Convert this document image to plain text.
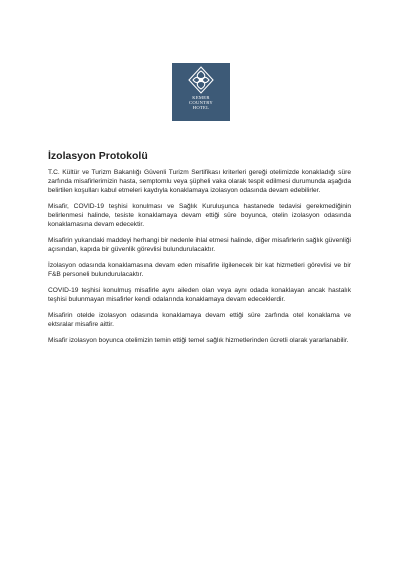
KEMER
COUNTRY
HOTEL
İzolasyon Protokolü

T.C. Kültür ve Turizm Bakanlığı Güvenli Turizm Sertifikası kriterleri gereği otelimizde konakladığı süre zarfında misafirlerimizin hasta, semptomlu veya şüpheli vaka olarak tespit edilmesi durumunda aşağıda belirtilen koşulları kabul etmeleri kaydıyla konaklamaya izolasyon odasında devam edebilirler.

Misafir, COVID-19 teşhisi konulması ve Sağlık Kuruluşunca hastanede tedavisi gerekmediğinin belirlenmesi halinde, tesiste konaklamaya devam ettiği süre boyunca, otelin izolasyon odasında konaklamasına devam edecektir.

Misafirin yukarıdaki maddeyi herhangi bir nedenle ihlal etmesi halinde, diğer misafirlerin sağlık güvenliği açısından, kapıda bir güvenlik görevlisi bulundurulacaktır.

İzolasyon odasında konaklamasına devam eden misafirle ilgilenecek bir kat hizmetleri görevlisi ve bir F&B personeli bulundurulacaktır.

COVID-19 teşhisi konulmuş misafirle aynı aileden olan veya aynı odada konaklayan ancak hastalık teşhisi bulunmayan misafirler kendi odalarında konaklamaya devam edeceklerdir.

Misafirin otelde izolasyon odasında konaklamaya devam ettiği süre zarfında otel konaklama ve ektsralar misafire aittir.

Misafir izolasyon boyunca otelimizin temin ettiği temel sağlık hizmetlerinden ücretli olarak yararlanabilir.
